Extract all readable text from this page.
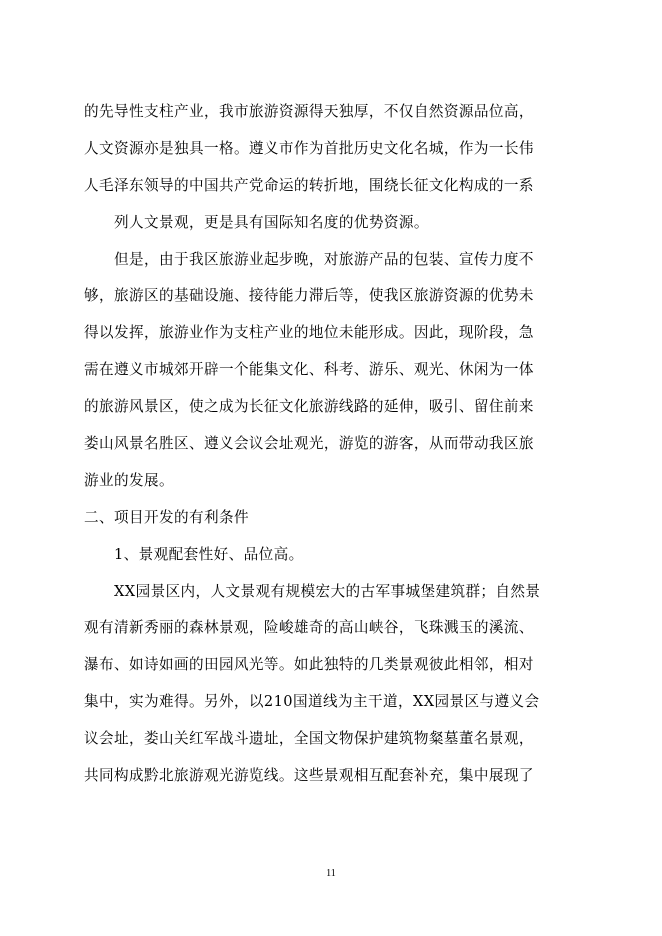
的先导性支柱产业，我市旅游资源得天独厚，不仅自然资源品位高，
人文资源亦是独具一格。遵义市作为首批历史文化名城，作为一长伟
人毛泽东领导的中国共产党命运的转折地，围绕长征文化构成的一系
列人文景观，更是具有国际知名度的优势资源。
但是，由于我区旅游业起步晚，对旅游产品的包装、宣传力度不
够，旅游区的基础设施、接待能力滞后等，使我区旅游资源的优势未
得以发挥，旅游业作为支柱产业的地位未能形成。因此，现阶段，急
需在遵义市城郊开辟一个能集文化、科考、游乐、观光、休闲为一体
的旅游风景区，使之成为长征文化旅游线路的延伸，吸引、留住前来
娄山风景名胜区、遵义会议会址观光，游览的游客，从而带动我区旅
游业的发展。
二、项目开发的有利条件
1、景观配套性好、品位高。
XX园景区内，人文景观有规模宏大的古军事城堡建筑群；自然景
观有清新秀丽的森林景观，险峻雄奇的高山峡谷，飞珠溅玉的溪流、
瀑布、如诗如画的田园风光等。如此独特的几类景观彼此相邻，相对
集中，实为难得。另外，以210国道线为主干道，XX园景区与遵义会
议会址，娄山关红军战斗遗址，全国文物保护建筑物粲墓董名景观，
共同构成黔北旅游观光游览线。这些景观相互配套补充，集中展现了
11
